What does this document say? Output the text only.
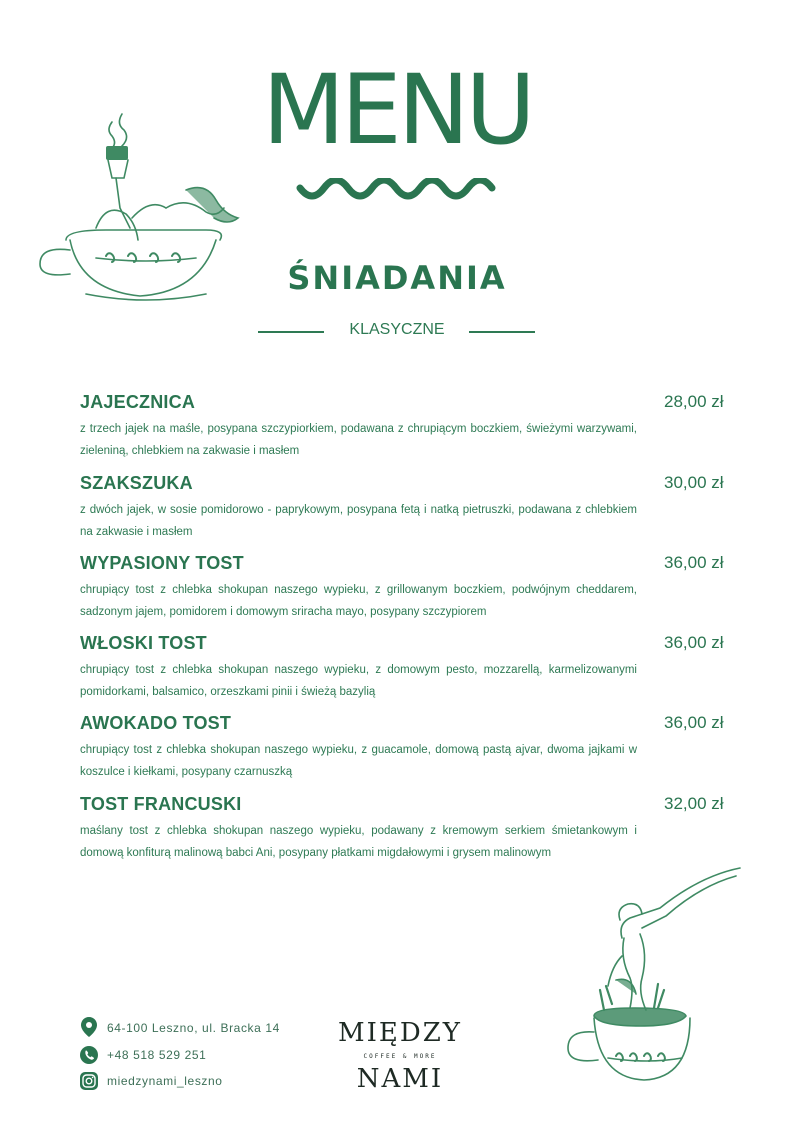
MENU
ŚNIADANIA
KLASYCZNE
JAJECZNICA	28,00 zł
z trzech jajek na maśle, posypana szczypiorkiem, podawana z chrupiącym boczkiem, świeżymi warzywami, zieleniną, chlebkiem na zakwasie i masłem
SZAKSZUKA	30,00 zł
z dwóch jajek, w sosie pomidorowo - paprykowym, posypana fetą i natką pietruszki, podawana z chlebkiem na zakwasie i masłem
WYPASIONY TOST	36,00 zł
chrupiący tost z chlebka shokupan naszego wypieku, z grillowanym boczkiem, podwójnym cheddarem, sadzonym jajem, pomidorem i domowym sriracha mayo, posypany szczypiorem
WŁOSKI TOST	36,00 zł
chrupiący tost z chlebka shokupan naszego wypieku, z domowym pesto, mozzarellą, karmelizowanymi pomidorkami, balsamico, orzeszkami pinii i świeżą bazylią
AWOKADO TOST	36,00 zł
chrupiący tost z chlebka shokupan naszego wypieku, z guacamole, domową pastą ajvar, dwoma jajkami w koszulce i kiełkami, posypany czarnuszką
TOST FRANCUSKI	32,00 zł
maślany tost z chlebka shokupan naszego wypieku, podawany z kremowym serkiem śmietankowym i domową konfiturą malinową babci Ani, posypany płatkami migdałowymi i grysem malinowym
64-100 Leszno, ul. Bracka 14
+48 518 529 251
miedzynami_leszno
MIĘDZY
COFFEE & MORE
NAMI
